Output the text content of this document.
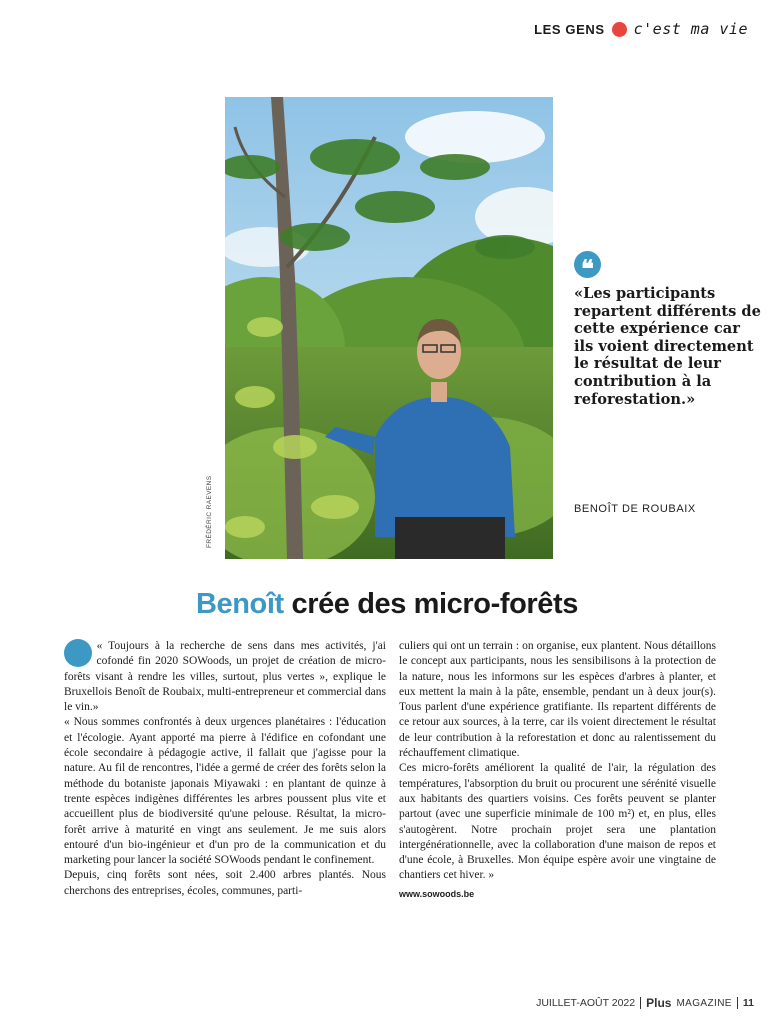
LES GENS c'est ma vie
FRÉDÉRIC RAEVENS
❝

«Les participants repartent différents de cette expérience car ils voient directement le résultat de leur contribution à la reforestation.»

BENOÎT DE ROUBAIX
Benoît crée des micro-forêts

« Toujours à la recherche de sens dans mes activités, j'ai cofondé fin 2020 SOWoods, un projet de création de micro-forêts visant à rendre les villes, surtout, plus vertes », explique le Bruxellois Benoît de Roubaix, multi-entrepreneur et commercial dans le vin.»

« Nous sommes confrontés à deux urgences planétaires : l'éducation et l'écologie. Ayant apporté ma pierre à l'édifice en cofondant une école secondaire à pédagogie active, il fallait que j'agisse pour la nature. Au fil de rencontres, l'idée a germé de créer des forêts selon la méthode du botaniste japonais Miyawaki : en plantant de quinze à trente espèces indigènes différentes les arbres poussent plus vite et accueillent plus de biodiversité qu'une pelouse. Résultat, la micro-forêt arrive à maturité en vingt ans seulement. Je me suis alors entouré d'un bio-ingénieur et d'un pro de la communication et du marketing pour lancer la société SOWoods pendant le confinement.

Depuis, cinq forêts sont nées, soit 2.400 arbres plantés. Nous cherchons des entreprises, écoles, communes, parti-

culiers qui ont un terrain : on organise, eux plantent. Nous détaillons le concept aux participants, nous les sensibilisons à la protection de la nature, nous les informons sur les espèces d'arbres à planter, et eux mettent la main à la pâte, ensemble, pendant un à deux jour(s). Tous parlent d'une expérience gratifiante. Ils repartent différents de ce retour aux sources, à la terre, car ils voient directement le résultat de leur contribution à la reforestation et donc au ralentissement du réchauffement climatique.

Ces micro-forêts améliorent la qualité de l'air, la régulation des températures, l'absorption du bruit ou procurent une sérénité visuelle aux habitants des quartiers voisins. Ces forêts peuvent se planter partout (avec une superficie minimale de 100 m²) et, en plus, elles s'autogèrent. Notre prochain projet sera une plantation intergénérationnelle, avec la collaboration d'une maison de repos et d'une école, à Bruxelles. Mon équipe espère avoir une vingtaine de chantiers cet hiver. »

www.sowoods.be

JUILLET-AOÛT 2022 Plus MAGAZINE 11
